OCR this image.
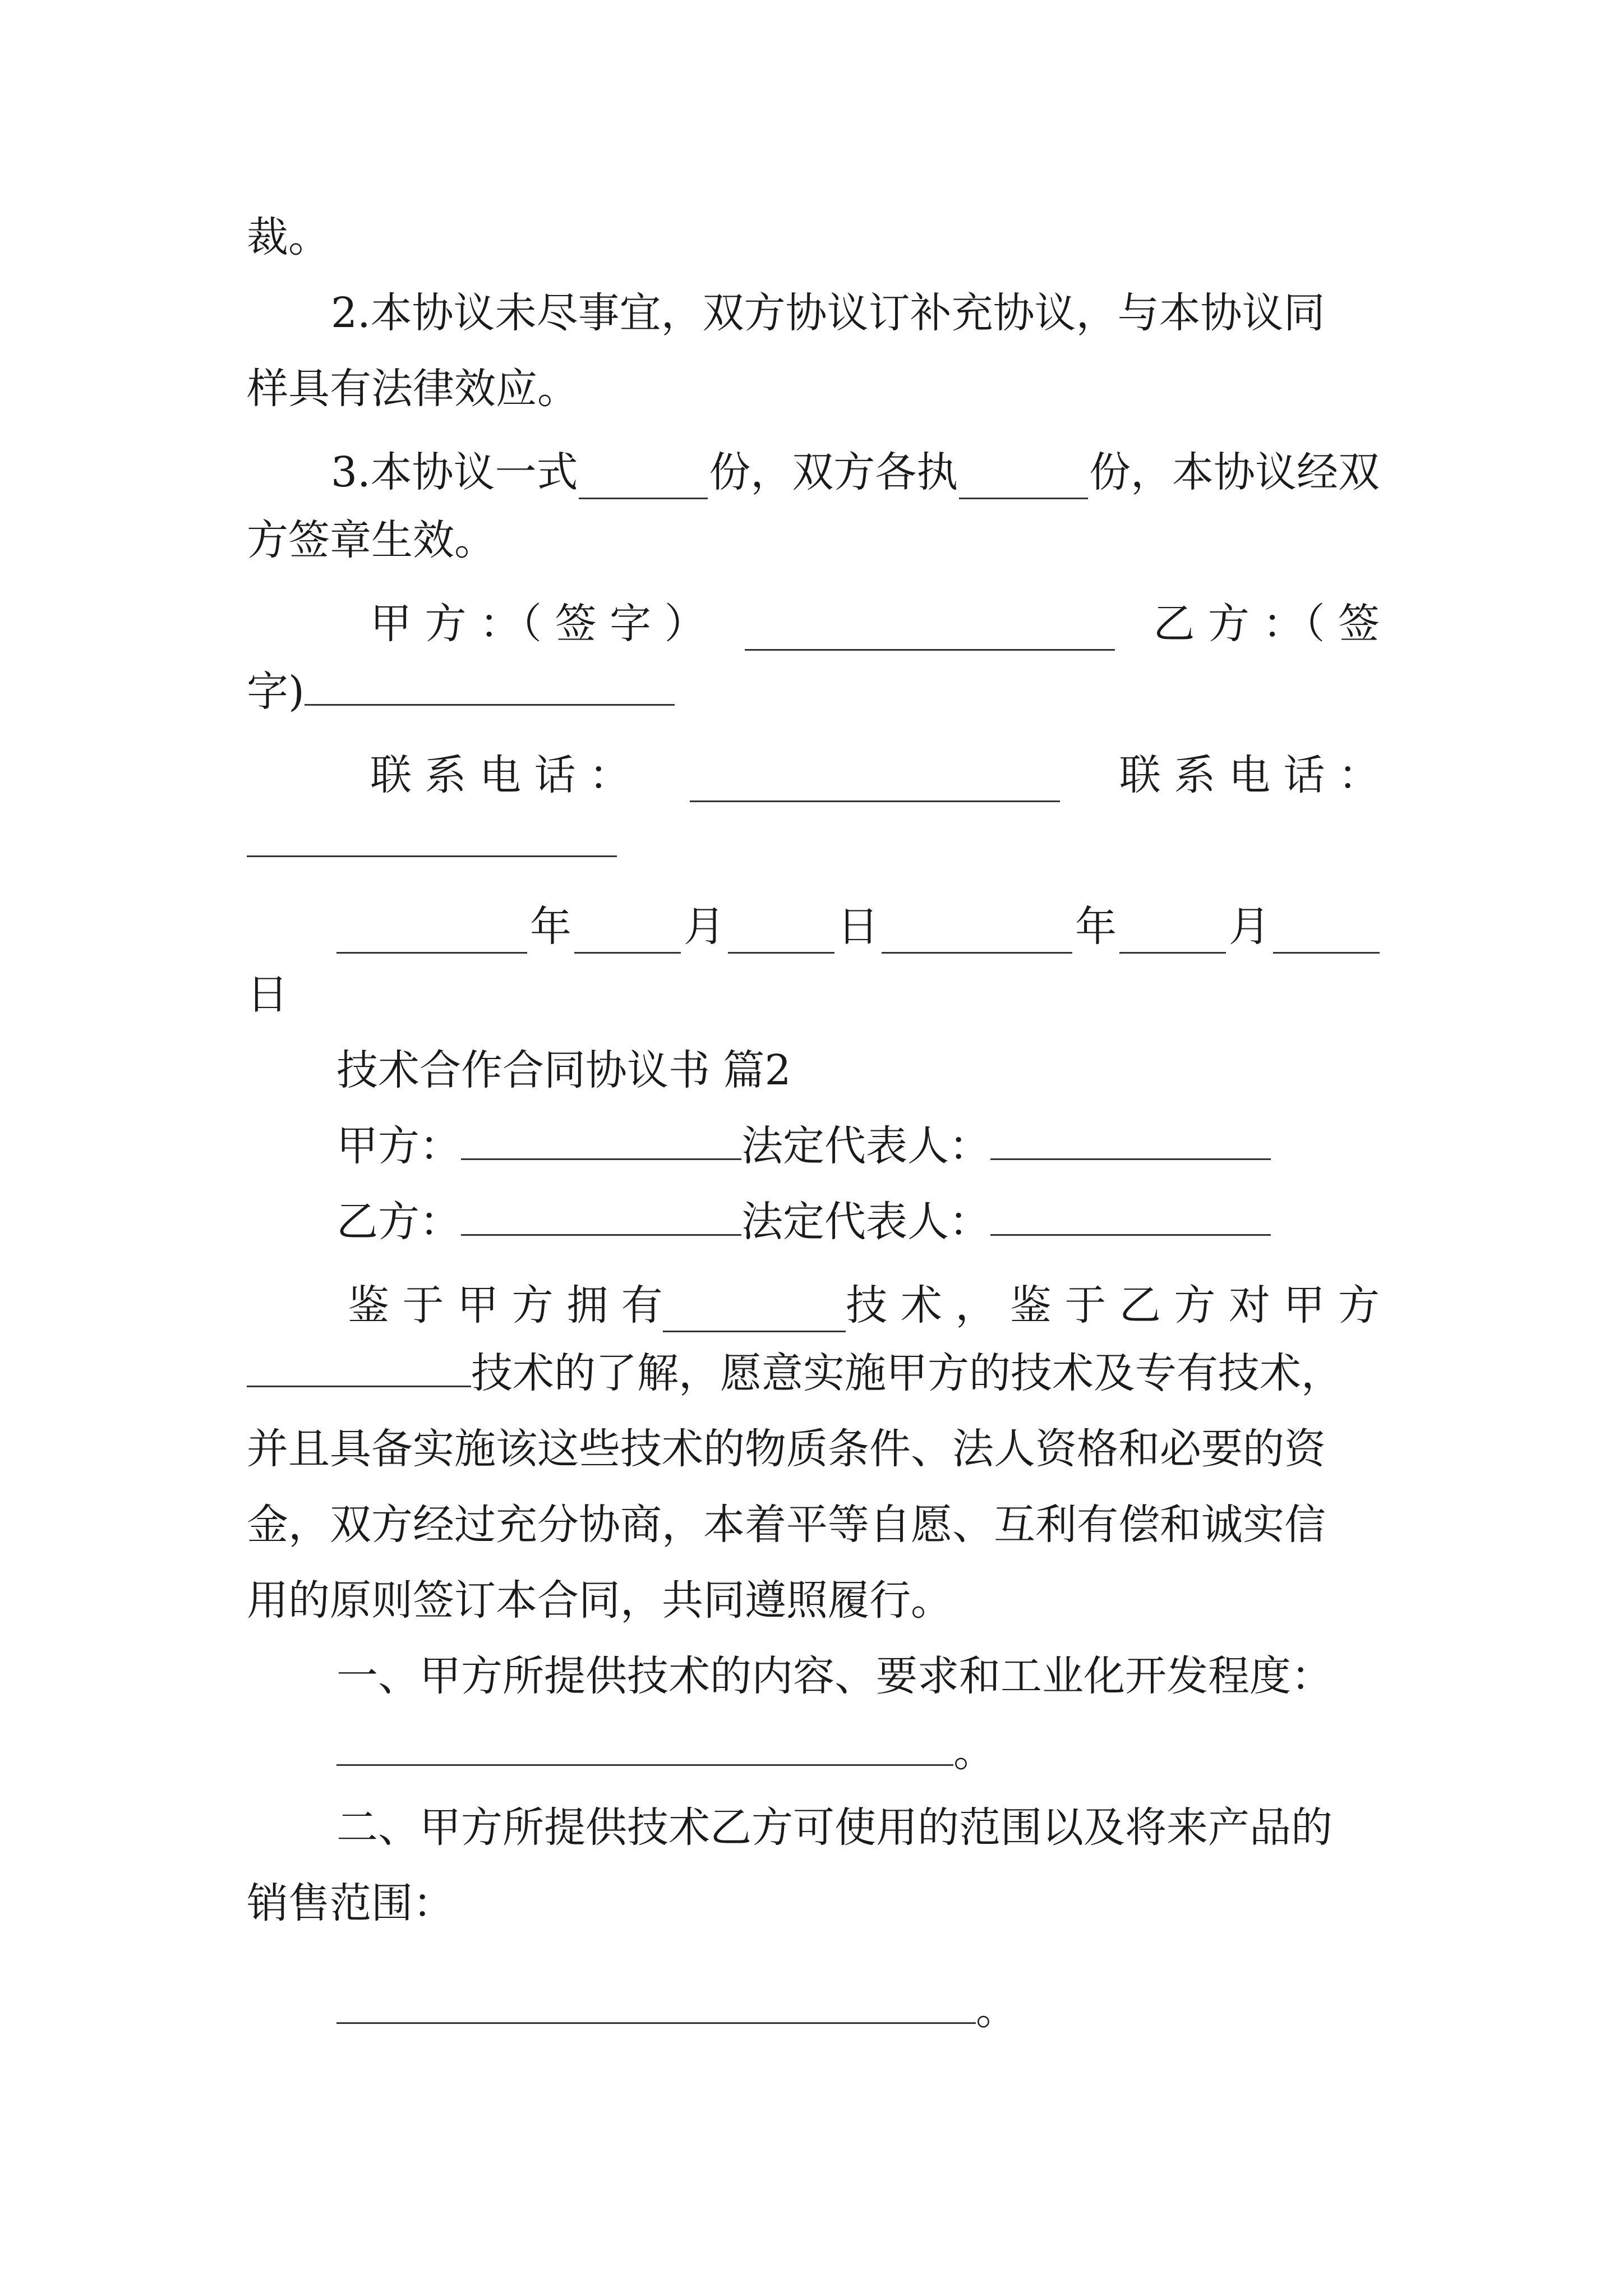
裁。
2.本协议未尽事宜，双方协议订补充协议，与本协议同
样具有法律效应。
3.本协议一式	份，双方各执	份，本协议经双
方签章生效。
甲 方 ：（ 签 字 ）	乙 方 ：（ 签
字)
联 系 电 话 ：	联 系 电 话 ：
年	月	日	年	月
日
技术合作合同协议书 篇2
甲方：	法定代表人：
乙方：	法定代表人：
鉴 于 甲 方 拥 有	技 术 ， 鉴 于 乙 方 对 甲 方
技术的了解，愿意实施甲方的技术及专有技术，
并且具备实施该这些技术的物质条件、法人资格和必要的资
金，双方经过充分协商，本着平等自愿、互利有偿和诚实信
用的原则签订本合同，共同遵照履行。
一、甲方所提供技术的内容、要求和工业化开发程度：
。
二、甲方所提供技术乙方可使用的范围以及将来产品的
销售范围：
。
